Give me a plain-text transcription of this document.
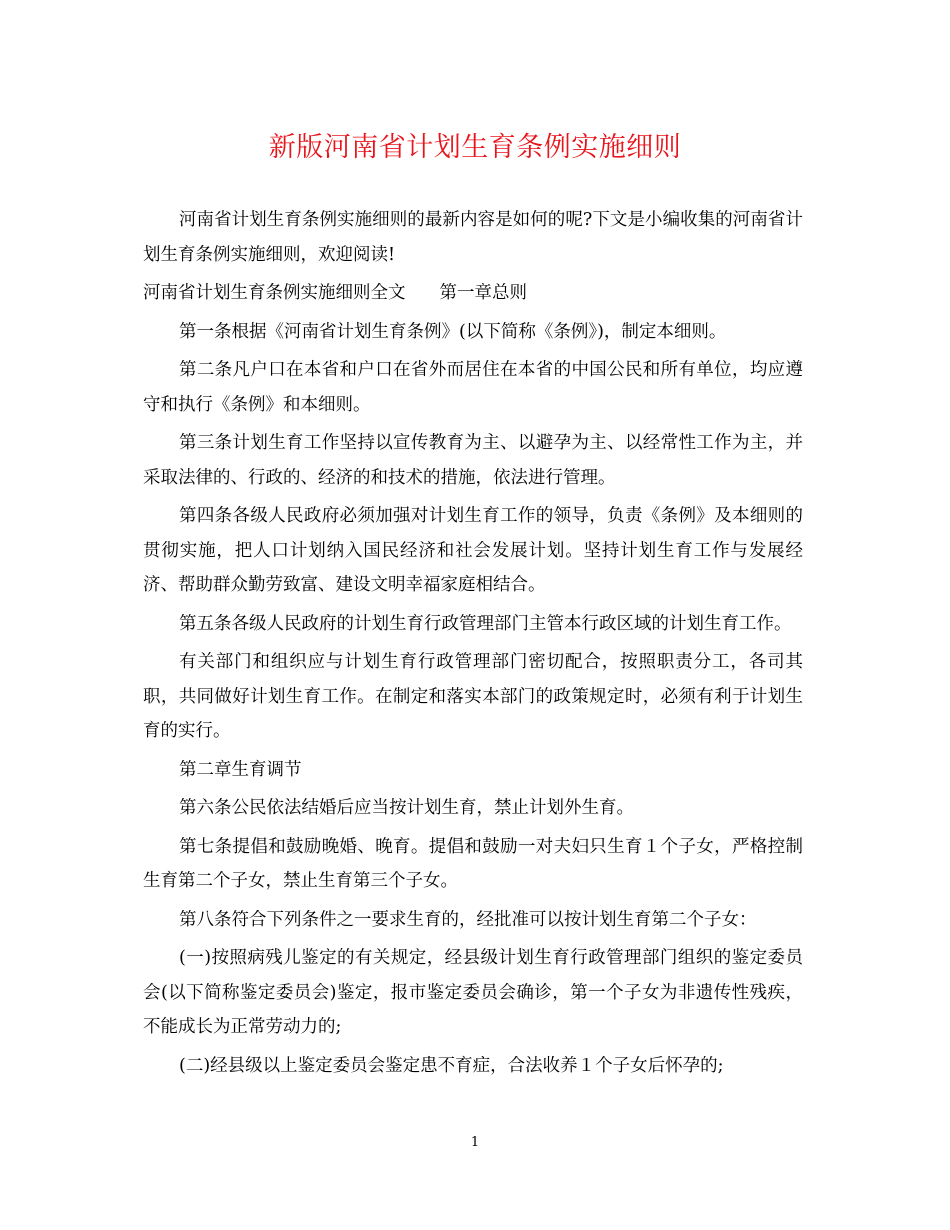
新版河南省计划生育条例实施细则

河南省计划生育条例实施细则的最新内容是如何的呢?下文是小编收集的河南省计划生育条例实施细则，欢迎阅读!

河南省计划生育条例实施细则全文 第一章总则

第一条根据《河南省计划生育条例》(以下简称《条例》)，制定本细则。

第二条凡户口在本省和户口在省外而居住在本省的中国公民和所有单位，均应遵守和执行《条例》和本细则。

第三条计划生育工作坚持以宣传教育为主、以避孕为主、以经常性工作为主，并采取法律的、行政的、经济的和技术的措施，依法进行管理。

第四条各级人民政府必须加强对计划生育工作的领导，负责《条例》及本细则的贯彻实施，把人口计划纳入国民经济和社会发展计划。坚持计划生育工作与发展经济、帮助群众勤劳致富、建设文明幸福家庭相结合。

第五条各级人民政府的计划生育行政管理部门主管本行政区域的计划生育工作。

有关部门和组织应与计划生育行政管理部门密切配合，按照职责分工，各司其职，共同做好计划生育工作。在制定和落实本部门的政策规定时，必须有利于计划生育的实行。

第二章生育调节

第六条公民依法结婚后应当按计划生育，禁止计划外生育。

第七条提倡和鼓励晚婚、晚育。提倡和鼓励一对夫妇只生育１个子女，严格控制生育第二个子女，禁止生育第三个子女。

第八条符合下列条件之一要求生育的，经批准可以按计划生育第二个子女：

(一)按照病残儿鉴定的有关规定，经县级计划生育行政管理部门组织的鉴定委员会(以下简称鉴定委员会)鉴定，报市鉴定委员会确诊，第一个子女为非遗传性残疾，不能成长为正常劳动力的;

(二)经县级以上鉴定委员会鉴定患不育症，合法收养１个子女后怀孕的;

1
